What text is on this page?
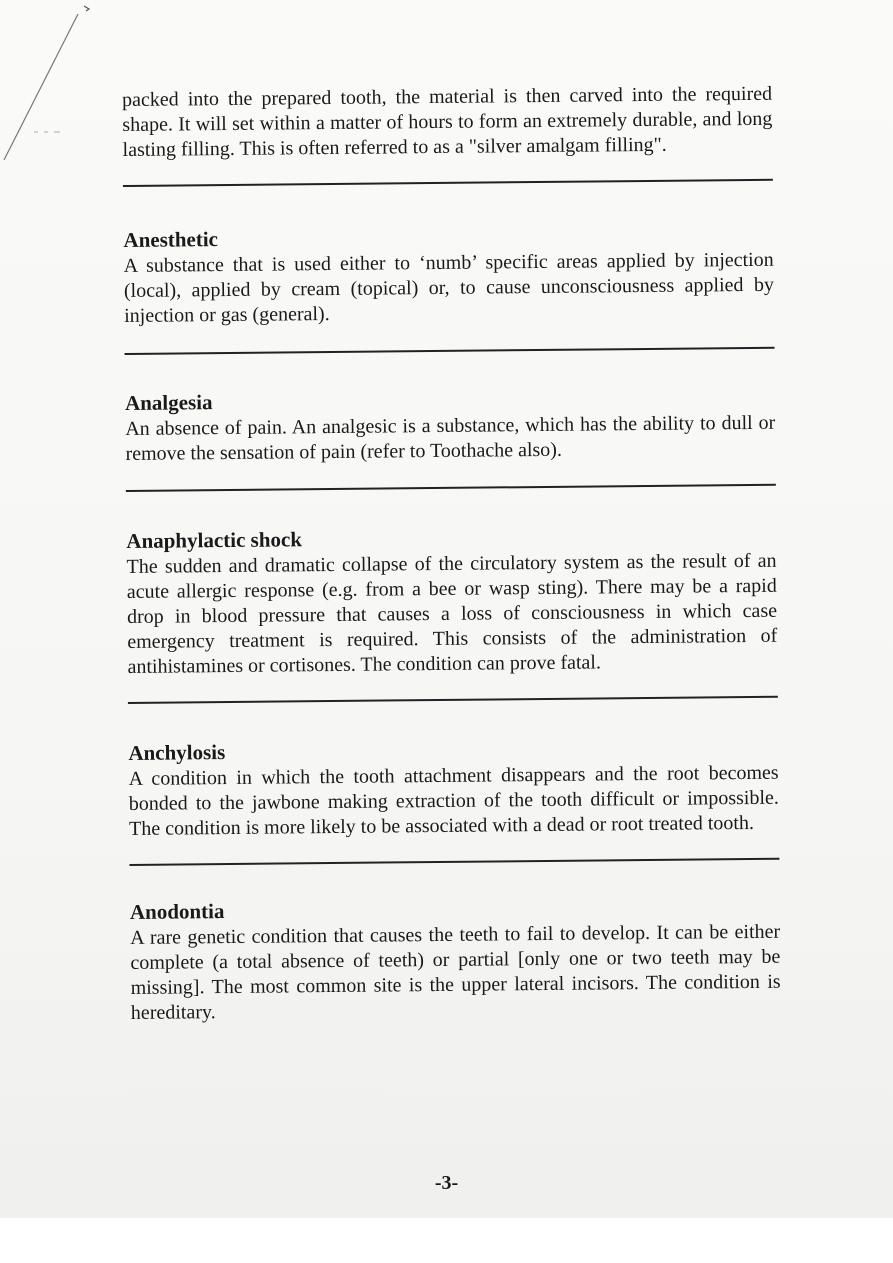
packed into the prepared tooth, the material is then carved into the required shape. It will set within a matter of hours to form an extremely durable, and long lasting filling. This is often referred to as a "silver amalgam filling".

Anesthetic

A substance that is used either to ‘numb’ specific areas applied by injection (local), applied by cream (topical) or, to cause unconsciousness applied by injection or gas (general).

Analgesia

An absence of pain. An analgesic is a substance, which has the ability to dull or remove the sensation of pain (refer to Toothache also).

Anaphylactic shock

The sudden and dramatic collapse of the circulatory system as the result of an acute allergic response (e.g. from a bee or wasp sting). There may be a rapid drop in blood pressure that causes a loss of consciousness in which case emergency treatment is required. This consists of the administration of antihistamines or cortisones. The condition can prove fatal.

Anchylosis

A condition in which the tooth attachment disappears and the root becomes bonded to the jawbone making extraction of the tooth difficult or impossible. The condition is more likely to be associated with a dead or root treated tooth.

Anodontia

A rare genetic condition that causes the teeth to fail to develop. It can be either complete (a total absence of teeth) or partial [only one or two teeth may be missing]. The most common site is the upper lateral incisors. The condition is hereditary.

-3-
